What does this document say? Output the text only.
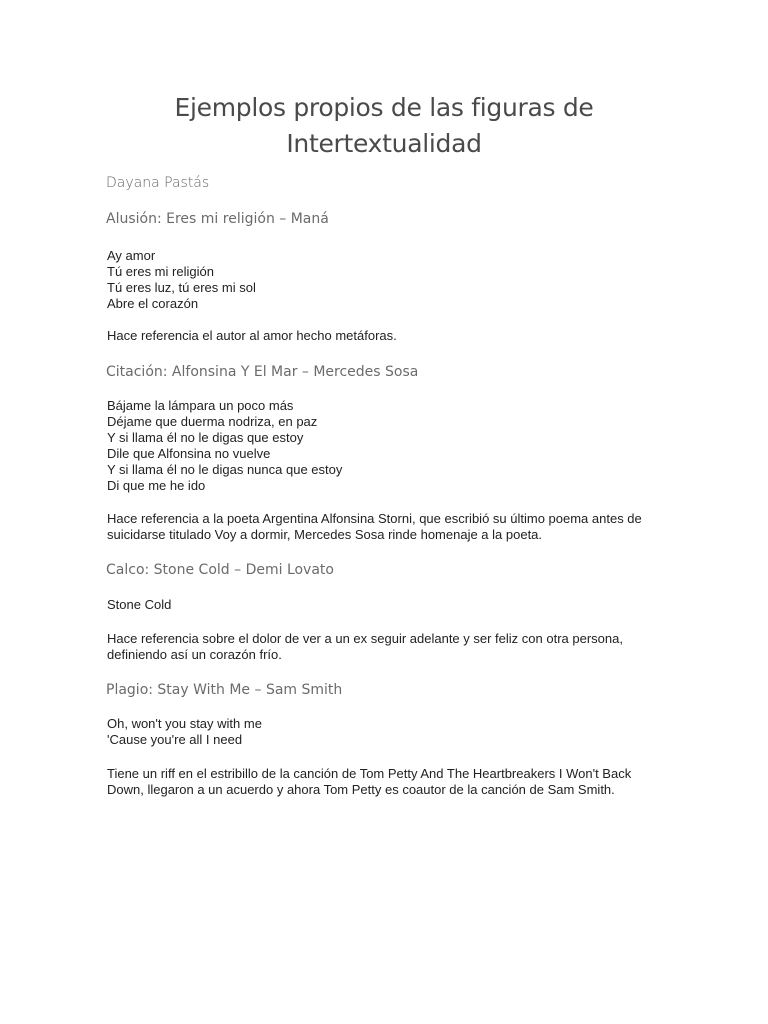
Ejemplos propios de las figuras de
Intertextualidad
Dayana Pastás
Alusión: Eres mi religión – Maná
Ay amor
Tú eres mi religión
Tú eres luz, tú eres mi sol
Abre el corazón
Hace referencia el autor al amor hecho metáforas.
Citación: Alfonsina Y El Mar – Mercedes Sosa
Bájame la lámpara un poco más
Déjame que duerma nodriza, en paz
Y si llama él no le digas que estoy
Dile que Alfonsina no vuelve
Y si llama él no le digas nunca que estoy
Di que me he ido
Hace referencia a la poeta Argentina Alfonsina Storni, que escribió su último poema antes de
suicidarse titulado Voy a dormir, Mercedes Sosa rinde homenaje a la poeta.
Calco: Stone Cold – Demi Lovato
Stone Cold
Hace referencia sobre el dolor de ver a un ex seguir adelante y ser feliz con otra persona,
definiendo así un corazón frío.
Plagio: Stay With Me – Sam Smith
Oh, won't you stay with me
'Cause you're all I need
Tiene un riff en el estribillo de la canción de Tom Petty And The Heartbreakers I Won't Back
Down, llegaron a un acuerdo y ahora Tom Petty es coautor de la canción de Sam Smith.
